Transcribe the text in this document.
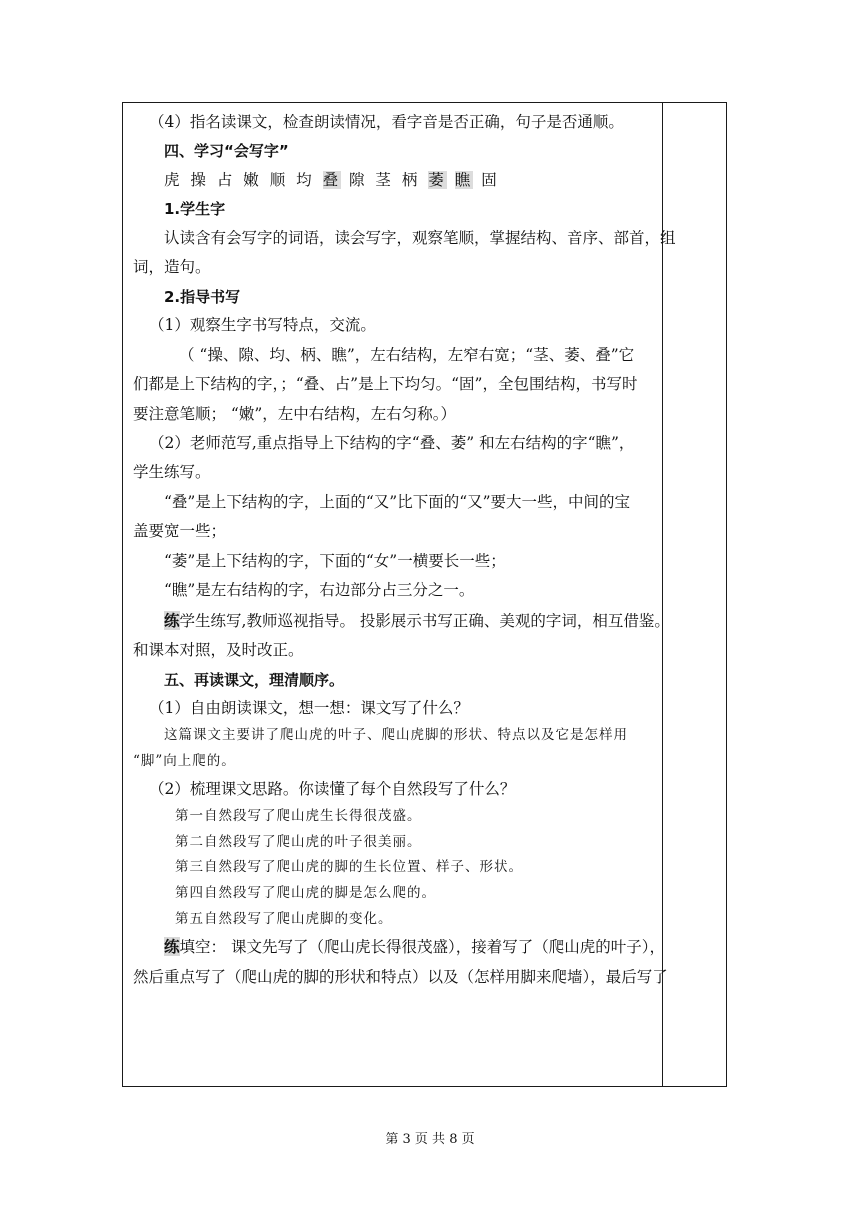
（4）指名读课文，检查朗读情况，看字音是否正确，句子是否通顺。
四、学习“会写字”
虎 操 占 嫩 顺 均 叠 隙 茎 柄 萎 瞧 固
1.学生字
认读含有会写字的词语，读会写字，观察笔顺，掌握结构、音序、部首，组
词，造句。
2.指导书写
（1）观察生字书写特点，交流。
（ “操、隙、均、柄、瞧”，左右结构，左窄右宽；“茎、萎、叠”它
们都是上下结构的字，；“叠、占”是上下均匀。“固”，全包围结构，书写时
要注意笔顺； “嫩”，左中右结构，左右匀称。）
（2）老师范写,重点指导上下结构的字“叠、萎” 和左右结构的字“瞧”，
学生练写。
“叠”是上下结构的字，上面的“又”比下面的“又”要大一些，中间的宝
盖要宽一些；
“萎”是上下结构的字，下面的“女”一横要长一些；
“瞧”是左右结构的字，右边部分占三分之一。
练学生练写,教师巡视指导。 投影展示书写正确、美观的字词，相互借鉴。
和课本对照，及时改正。
五、再读课文，理清顺序。
（1）自由朗读课文，想一想：课文写了什么？
这篇课文主要讲了爬山虎的叶子、爬山虎脚的形状、特点以及它是怎样用
“脚”向上爬的。
（2）梳理课文思路。你读懂了每个自然段写了什么？
第一自然段写了爬山虎生长得很茂盛。
第二自然段写了爬山虎的叶子很美丽。
第三自然段写了爬山虎的脚的生长位置、样子、形状。
第四自然段写了爬山虎的脚是怎么爬的。
第五自然段写了爬山虎脚的变化。
练填空： 课文先写了（爬山虎长得很茂盛），接着写了（爬山虎的叶子），
然后重点写了（爬山虎的脚的形状和特点）以及（怎样用脚来爬墙），最后写了
第 3 页 共 8 页
